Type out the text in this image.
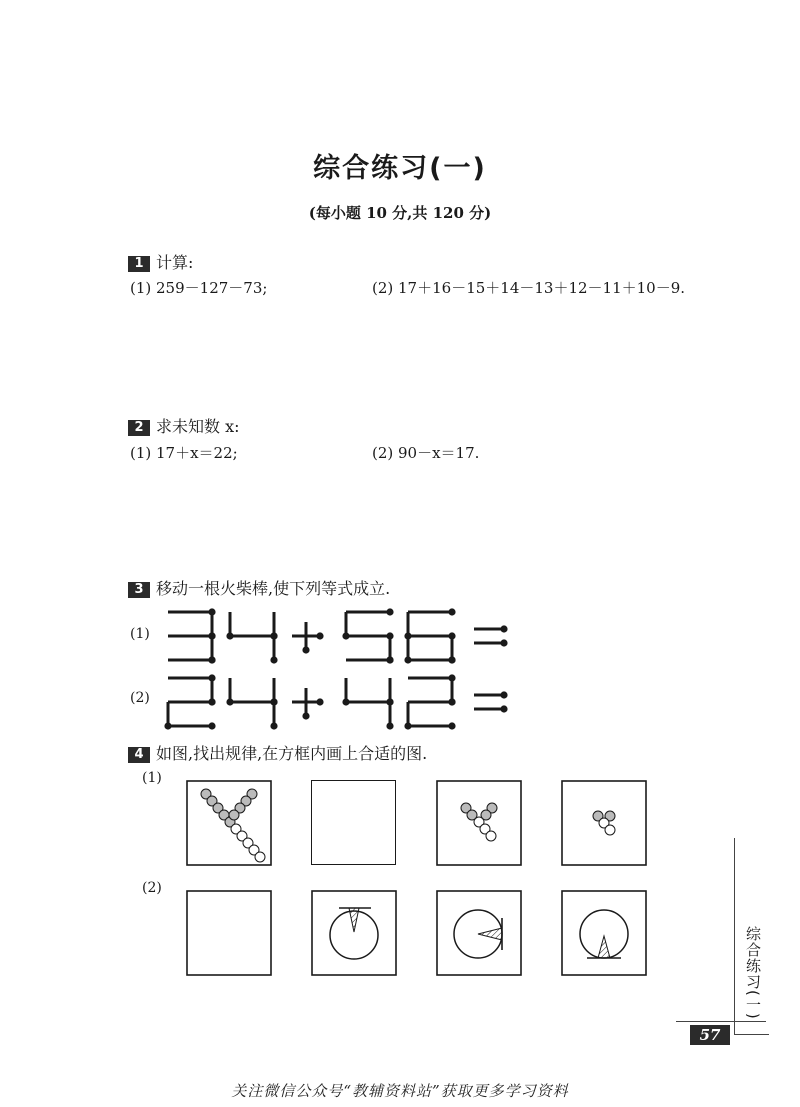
综合练习(一)
(每小题 10 分,共 120 分)
1 计算:
(1) 259－127－73;	(2) 17＋16－15＋14－13＋12－11＋10－9.
2 求未知数 x:
(1) 17＋x＝22;	(2) 90－x＝17.
3 移动一根火柴棒,使下列等式成立.
(1)
(2)
4 如图,找出规律,在方框内画上合适的图.
(1)
(2)
综合练习(一)
57
关注微信公众号“教辅资料站”获取更多学习资料
